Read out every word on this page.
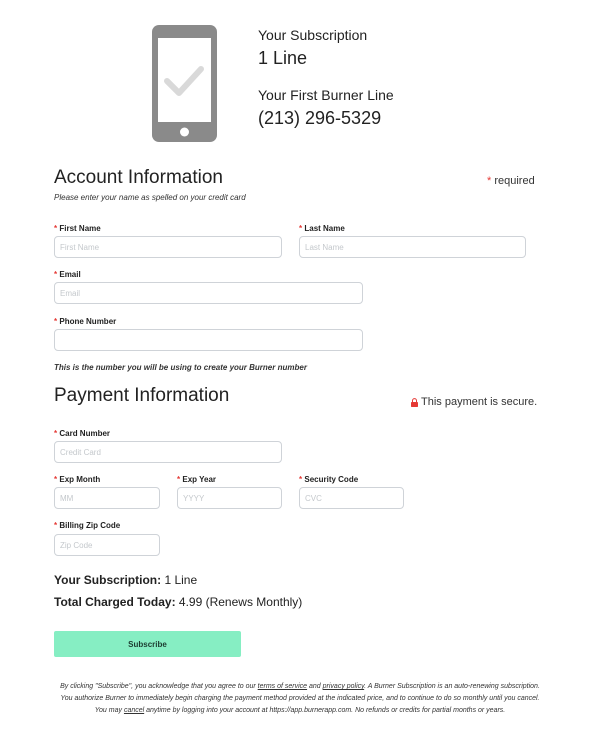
Your Subscription
1 Line
Your First Burner Line
(213) 296-5329
Account Information
Please enter your name as spelled on your credit card
* required
* First Name
First Name	* Last Name
Last Name
* Email
Email
* Phone Number
This is the number you will be using to create your Burner number
Payment Information	This payment is secure.
* Card Number
Credit Card
* Exp Month
MM	* Exp Year
YYYY	* Security Code
CVC
* Billing Zip Code
Zip Code
Your Subscription: 1 Line
Total Charged Today: 4.99 (Renews Monthly)
Subscribe
By clicking "Subscribe", you acknowledge that you agree to our terms of service and privacy policy. A Burner Subscription is an auto-renewing subscription. You authorize Burner to immediately begin charging the payment method provided at the indicated price, and to continue to do so monthly until you cancel. You may cancel anytime by logging into your account at https://app.burnerapp.com. No refunds or credits for partial months or years.
